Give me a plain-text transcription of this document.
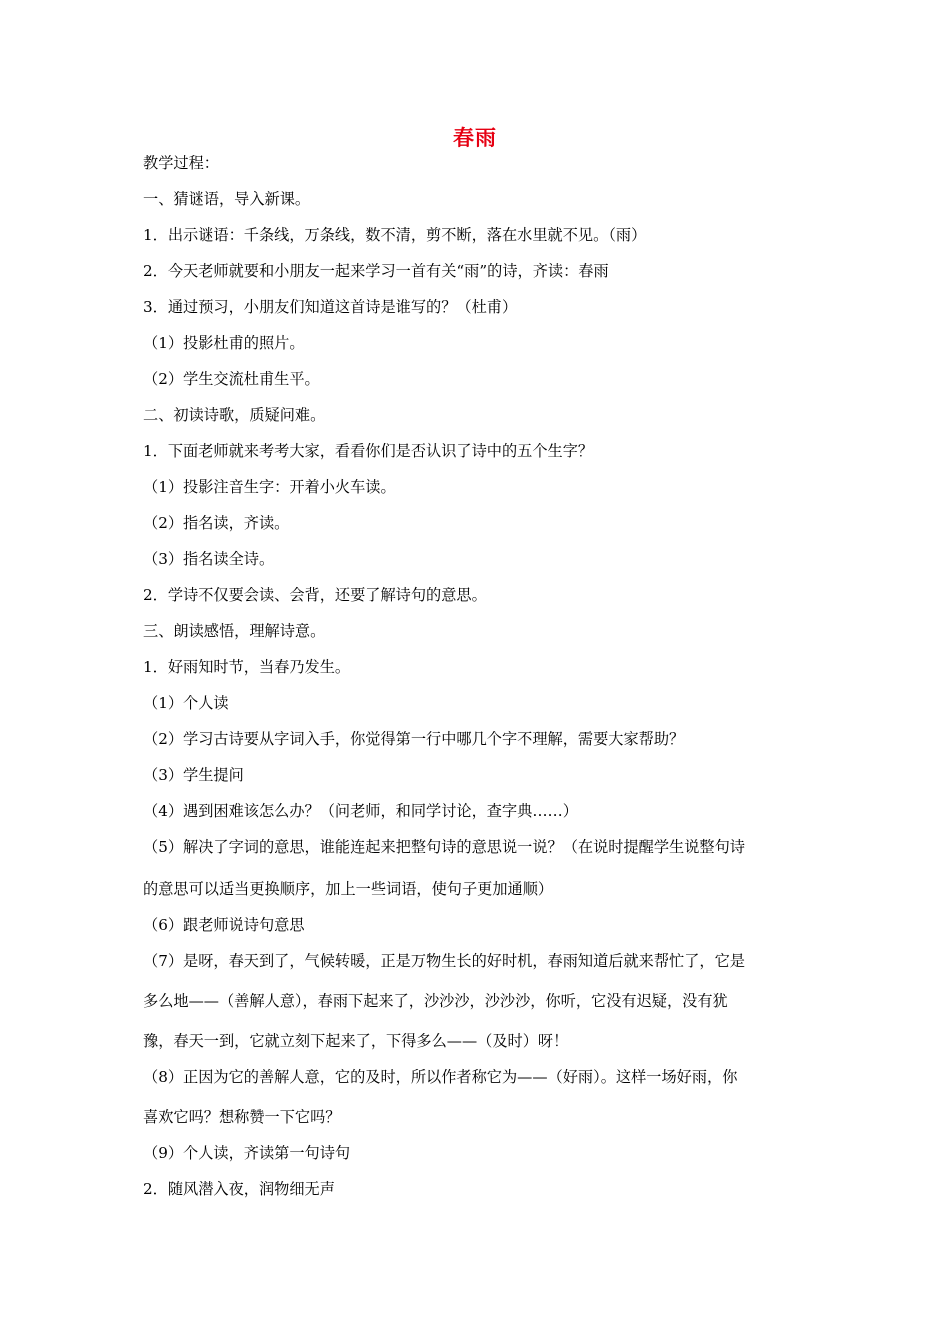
春雨
教学过程：
一、猜谜语，导入新课。
1．出示谜语：千条线，万条线，数不清，剪不断，落在水里就不见。（雨）
2．今天老师就要和小朋友一起来学习一首有关“雨”的诗，齐读：春雨
3．通过预习，小朋友们知道这首诗是谁写的？（杜甫）
（1）投影杜甫的照片。
（2）学生交流杜甫生平。
二、初读诗歌，质疑问难。
1．下面老师就来考考大家，看看你们是否认识了诗中的五个生字？
（1）投影注音生字：开着小火车读。
（2）指名读，齐读。
（3）指名读全诗。
2．学诗不仅要会读、会背，还要了解诗句的意思。
三、朗读感悟，理解诗意。
1．好雨知时节，当春乃发生。
（1）个人读
（2）学习古诗要从字词入手，你觉得第一行中哪几个字不理解，需要大家帮助？
（3）学生提问
（4）遇到困难该怎么办？（问老师，和同学讨论，查字典……）
（5）解决了字词的意思，谁能连起来把整句诗的意思说一说？（在说时提醒学生说整句诗
的意思可以适当更换顺序，加上一些词语，使句子更加通顺）
（6）跟老师说诗句意思
（7）是呀，春天到了，气候转暖，正是万物生长的好时机，春雨知道后就来帮忙了，它是
多么地——（善解人意），春雨下起来了，沙沙沙，沙沙沙，你听，它没有迟疑，没有犹
豫，春天一到，它就立刻下起来了，下得多么——（及时）呀！
（8）正因为它的善解人意，它的及时，所以作者称它为——（好雨）。这样一场好雨，你
喜欢它吗？想称赞一下它吗？
（9）个人读，齐读第一句诗句
2．随风潜入夜，润物细无声
